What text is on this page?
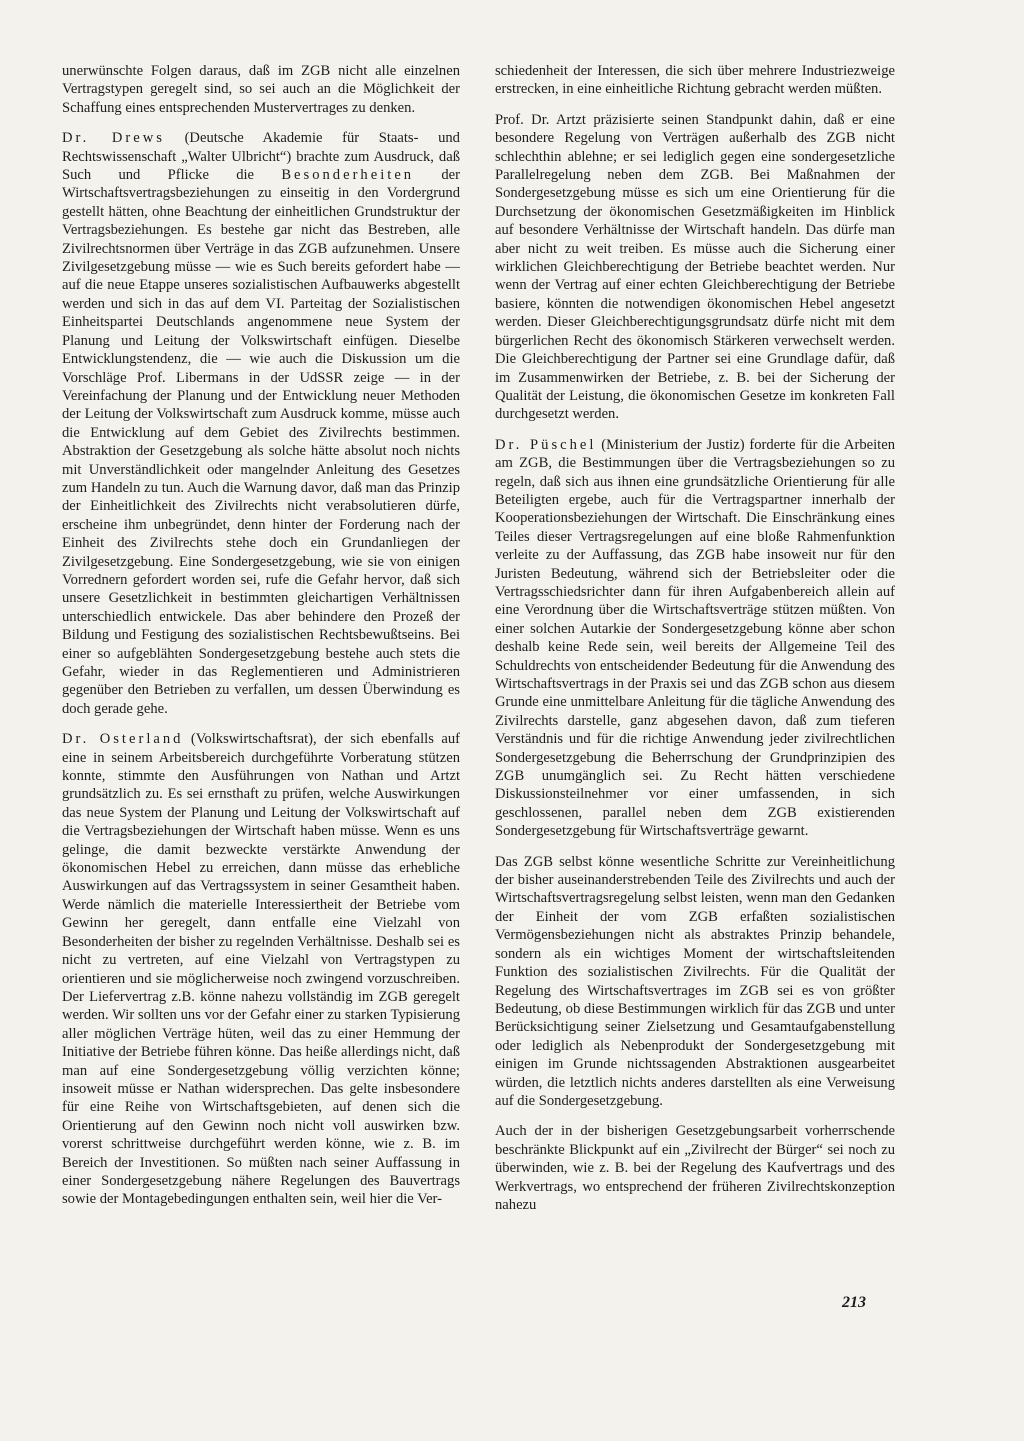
unerwünschte Folgen daraus, daß im ZGB nicht alle einzelnen Vertragstypen geregelt sind, so sei auch an die Möglichkeit der Schaffung eines entsprechenden Mustervertrages zu denken.

Dr. Drews (Deutsche Akademie für Staats- und Rechtswissenschaft „Walter Ulbricht“) brachte zum Ausdruck, daß Such und Pflicke die Besonderheiten der Wirtschaftsvertragsbeziehungen zu einseitig in den Vordergrund gestellt hätten, ohne Beachtung der einheitlichen Grundstruktur der Vertragsbeziehungen. Es bestehe gar nicht das Bestreben, alle Zivilrechtsnormen über Verträge in das ZGB aufzunehmen. Unsere Zivilgesetzgebung müsse — wie es Such bereits gefordert habe — auf die neue Etappe unseres sozialistischen Aufbauwerks abgestellt werden und sich in das auf dem VI. Parteitag der Sozialistischen Einheitspartei Deutschlands angenommene neue System der Planung und Leitung der Volkswirtschaft einfügen. Dieselbe Entwicklungstendenz, die — wie auch die Diskussion um die Vorschläge Prof. Libermans in der UdSSR zeige — in der Vereinfachung der Planung und der Entwicklung neuer Methoden der Leitung der Volkswirtschaft zum Ausdruck komme, müsse auch die Entwicklung auf dem Gebiet des Zivilrechts bestimmen. Abstraktion der Gesetzgebung als solche hätte absolut noch nichts mit Unverständlichkeit oder mangelnder Anleitung des Gesetzes zum Handeln zu tun. Auch die Warnung davor, daß man das Prinzip der Einheitlichkeit des Zivilrechts nicht verabsolutieren dürfe, erscheine ihm unbegründet, denn hinter der Forderung nach der Einheit des Zivilrechts stehe doch ein Grundanliegen der Zivilgesetzgebung. Eine Sondergesetzgebung, wie sie von einigen Vorrednern gefordert worden sei, rufe die Gefahr hervor, daß sich unsere Gesetzlichkeit in bestimmten gleichartigen Verhältnissen unterschiedlich entwickele. Das aber behindere den Prozeß der Bildung und Festigung des sozialistischen Rechtsbewußtseins. Bei einer so aufgeblähten Sondergesetzgebung bestehe auch stets die Gefahr, wieder in das Reglementieren und Administrieren gegenüber den Betrieben zu verfallen, um dessen Überwindung es doch gerade gehe.

Dr. Osterland (Volkswirtschaftsrat), der sich ebenfalls auf eine in seinem Arbeitsbereich durchgeführte Vorberatung stützen konnte, stimmte den Ausführungen von Nathan und Artzt grundsätzlich zu. Es sei ernsthaft zu prüfen, welche Auswirkungen das neue System der Planung und Leitung der Volkswirtschaft auf die Vertragsbeziehungen der Wirtschaft haben müsse. Wenn es uns gelinge, die damit bezweckte verstärkte Anwendung der ökonomischen Hebel zu erreichen, dann müsse das erhebliche Auswirkungen auf das Vertragssystem in seiner Gesamtheit haben. Werde nämlich die materielle Interessiertheit der Betriebe vom Gewinn her geregelt, dann entfalle eine Vielzahl von Besonderheiten der bisher zu regelnden Verhältnisse. Deshalb sei es nicht zu vertreten, auf eine Vielzahl von Vertragstypen zu orientieren und sie möglicherweise noch zwingend vorzuschreiben. Der Liefervertrag z.B. könne nahezu vollständig im ZGB geregelt werden. Wir sollten uns vor der Gefahr einer zu starken Typisierung aller möglichen Verträge hüten, weil das zu einer Hemmung der Initiative der Betriebe führen könne. Das heiße allerdings nicht, daß man auf eine Sondergesetzgebung völlig verzichten könne; insoweit müsse er Nathan widersprechen. Das gelte insbesondere für eine Reihe von Wirtschaftsgebieten, auf denen sich die Orientierung auf den Gewinn noch nicht voll auswirken bzw. vorerst schrittweise durchgeführt werden könne, wie z. B. im Bereich der Investitionen. So müßten nach seiner Auffassung in einer Sondergesetzgebung nähere Regelungen des Bauvertrags sowie der Montagebedingungen enthalten sein, weil hier die Ver-

schiedenheit der Interessen, die sich über mehrere Industriezweige erstrecken, in eine einheitliche Richtung gebracht werden müßten.

Prof. Dr. Artzt präzisierte seinen Standpunkt dahin, daß er eine besondere Regelung von Verträgen außerhalb des ZGB nicht schlechthin ablehne; er sei lediglich gegen eine sondergesetzliche Parallelregelung neben dem ZGB. Bei Maßnahmen der Sondergesetzgebung müsse es sich um eine Orientierung für die Durchsetzung der ökonomischen Gesetzmäßigkeiten im Hinblick auf besondere Verhältnisse der Wirtschaft handeln. Das dürfe man aber nicht zu weit treiben. Es müsse auch die Sicherung einer wirklichen Gleichberechtigung der Betriebe beachtet werden. Nur wenn der Vertrag auf einer echten Gleichberechtigung der Betriebe basiere, könnten die notwendigen ökonomischen Hebel angesetzt werden. Dieser Gleichberechtigungsgrundsatz dürfe nicht mit dem bürgerlichen Recht des ökonomisch Stärkeren verwechselt werden. Die Gleichberechtigung der Partner sei eine Grundlage dafür, daß im Zusammenwirken der Betriebe, z. B. bei der Sicherung der Qualität der Leistung, die ökonomischen Gesetze im konkreten Fall durchgesetzt werden.

Dr. Püschel (Ministerium der Justiz) forderte für die Arbeiten am ZGB, die Bestimmungen über die Vertragsbeziehungen so zu regeln, daß sich aus ihnen eine grundsätzliche Orientierung für alle Beteiligten ergebe, auch für die Vertragspartner innerhalb der Kooperationsbeziehungen der Wirtschaft. Die Einschränkung eines Teiles dieser Vertragsregelungen auf eine bloße Rahmenfunktion verleite zu der Auffassung, das ZGB habe insoweit nur für den Juristen Bedeutung, während sich der Betriebsleiter oder die Vertragsschiedsrichter dann für ihren Aufgabenbereich allein auf eine Verordnung über die Wirtschaftsverträge stützen müßten. Von einer solchen Autarkie der Sondergesetzgebung könne aber schon deshalb keine Rede sein, weil bereits der Allgemeine Teil des Schuldrechts von entscheidender Bedeutung für die Anwendung des Wirtschaftsvertrags in der Praxis sei und das ZGB schon aus diesem Grunde eine unmittelbare Anleitung für die tägliche Anwendung des Zivilrechts darstelle, ganz abgesehen davon, daß zum tieferen Verständnis und für die richtige Anwendung jeder zivilrechtlichen Sondergesetzgebung die Beherrschung der Grundprinzipien des ZGB unumgänglich sei. Zu Recht hätten verschiedene Diskussionsteilnehmer vor einer umfassenden, in sich geschlossenen, parallel neben dem ZGB existierenden Sondergesetzgebung für Wirtschaftsverträge gewarnt.

Das ZGB selbst könne wesentliche Schritte zur Vereinheitlichung der bisher auseinanderstrebenden Teile des Zivilrechts und auch der Wirtschaftsvertragsregelung selbst leisten, wenn man den Gedanken der Einheit der vom ZGB erfaßten sozialistischen Vermögensbeziehungen nicht als abstraktes Prinzip behandele, sondern als ein wichtiges Moment der wirtschaftsleitenden Funktion des sozialistischen Zivilrechts. Für die Qualität der Regelung des Wirtschaftsvertrages im ZGB sei es von größter Bedeutung, ob diese Bestimmungen wirklich für das ZGB und unter Berücksichtigung seiner Zielsetzung und Gesamtaufgabenstellung oder lediglich als Nebenprodukt der Sondergesetzgebung mit einigen im Grunde nichtssagenden Abstraktionen ausgearbeitet würden, die letztlich nichts anderes darstellten als eine Verweisung auf die Sondergesetzgebung.

Auch der in der bisherigen Gesetzgebungsarbeit vorherrschende beschränkte Blickpunkt auf ein „Zivilrecht der Bürger“ sei noch zu überwinden, wie z. B. bei der Regelung des Kaufvertrags und des Werkvertrags, wo entsprechend der früheren Zivilrechtskonzeption nahezu

213
